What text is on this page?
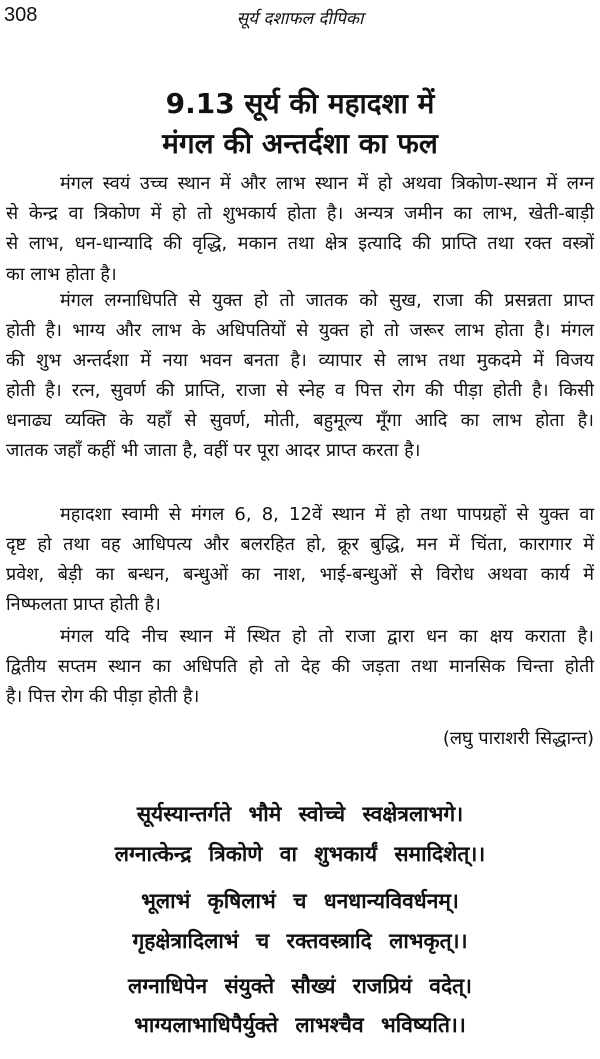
308	सूर्य दशाफल दीपिका
9.13 सूर्य की महादशा में
मंगल की अन्तर्दशा का फल
मंगल स्वयं उच्च स्थान में और लाभ स्थान में हो अथवा त्रिकोण-स्थान में लग्न
से केन्द्र वा त्रिकोण में हो तो शुभकार्य होता है। अन्यत्र जमीन का लाभ, खेती-बाड़ी
से लाभ, धन-धान्यादि की वृद्धि, मकान तथा क्षेत्र इत्यादि की प्राप्ति तथा रक्त वस्त्रों
का लाभ होता है।
मंगल लग्नाधिपति से युक्त हो तो जातक को सुख, राजा की प्रसन्नता प्राप्त
होती है। भाग्य और लाभ के अधिपतियों से युक्त हो तो जरूर लाभ होता है। मंगल
की शुभ अन्तर्दशा में नया भवन बनता है। व्यापार से लाभ तथा मुकदमे में विजय
होती है। रत्न, सुवर्ण की प्राप्ति, राजा से स्नेह व पित्त रोग की पीड़ा होती है। किसी
धनाढ्य व्यक्ति के यहाँ से सुवर्ण, मोती, बहुमूल्य मूँगा आदि का लाभ होता है।
जातक जहाँ कहीं भी जाता है, वहीं पर पूरा आदर प्राप्त करता है।
महादशा स्वामी से मंगल 6, 8, 12वें स्थान में हो तथा पापग्रहों से युक्त वा
दृष्ट हो तथा वह आधिपत्य और बलरहित हो, क्रूर बुद्धि, मन में चिंता, कारागार में
प्रवेश, बेड़ी का बन्धन, बन्धुओं का नाश, भाई-बन्धुओं से विरोध अथवा कार्य में
निष्फलता प्राप्त होती है।
मंगल यदि नीच स्थान में स्थित हो तो राजा द्वारा धन का क्षय कराता है।
द्वितीय सप्तम स्थान का अधिपति हो तो देह की जड़ता तथा मानसिक चिन्ता होती
है। पित्त रोग की पीड़ा होती है।
(लघु पाराशरी सिद्धान्त)
सूर्यस्यान्तर्गते भौमे स्वोच्चे स्वक्षेत्रलाभगे।
लग्नात्केन्द्र त्रिकोणे वा शुभकार्यं समादिशेत्।।
भूलाभं कृषिलाभं च धनधान्यविवर्धनम्।
गृहक्षेत्रादिलाभं च रक्तवस्त्रादि लाभकृत्।।
लग्नाधिपेन संयुक्ते सौख्यं राजप्रियं वदेत्।
भाग्यलाभाधिपैर्युक्ते लाभश्चैव भविष्यति।।
